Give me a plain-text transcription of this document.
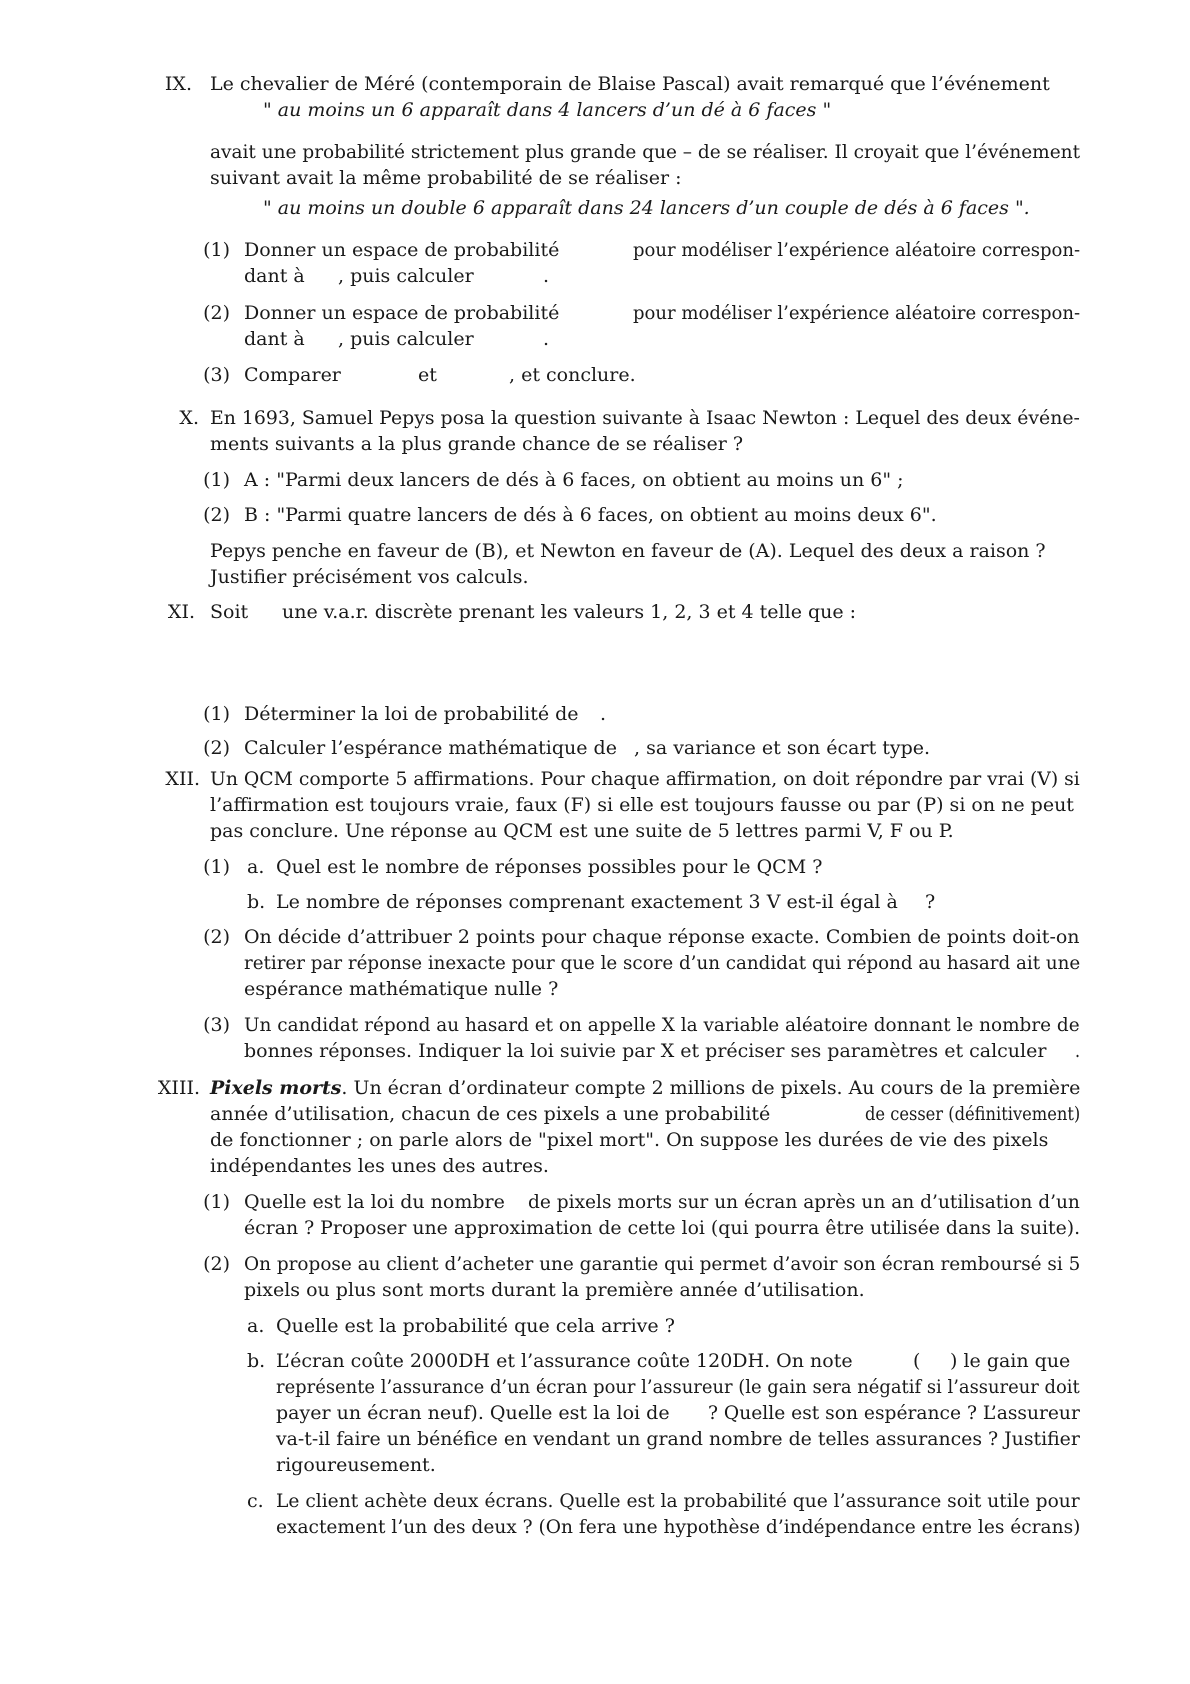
IX. Le chevalier de Méré (contemporain de Blaise Pascal) avait remarqué que l’événement
" au moins un 6 apparaît dans 4 lancers d’un dé à 6 faces "
avait une probabilité strictement plus grande que – de se réaliser. Il croyait que l’événement
suivant avait la même probabilité de se réaliser :
" au moins un double 6 apparaît dans 24 lancers d’un couple de dés à 6 faces ".
(1) Donner un espace de probabilité	pour modéliser l’expérience aléatoire correspon-
dant à , puis calculer	.
(2) Donner un espace de probabilité	pour modéliser l’expérience aléatoire correspon-
dant à , puis calculer	.
(3) Comparer	et	, et conclure.
X. En 1693, Samuel Pepys posa la question suivante à Isaac Newton : Lequel des deux événe-
ments suivants a la plus grande chance de se réaliser ?
(1) A : "Parmi deux lancers de dés à 6 faces, on obtient au moins un 6" ;
(2) B : "Parmi quatre lancers de dés à 6 faces, on obtient au moins deux 6".
Pepys penche en faveur de (B), et Newton en faveur de (A). Lequel des deux a raison ?
Justifier précisément vos calculs.
XI. Soit une v.a.r. discrète prenant les valeurs 1, 2, 3 et 4 telle que :
(1) Déterminer la loi de probabilité de .
(2) Calculer l’espérance mathématique de , sa variance et son écart type.
XII. Un QCM comporte 5 affirmations. Pour chaque affirmation, on doit répondre par vrai (V) si
l’affirmation est toujours vraie, faux (F) si elle est toujours fausse ou par (P) si on ne peut
pas conclure. Une réponse au QCM est une suite de 5 lettres parmi V, F ou P.
(1) a. Quel est le nombre de réponses possibles pour le QCM ?
b. Le nombre de réponses comprenant exactement 3 V est-il égal à ?
(2) On décide d’attribuer 2 points pour chaque réponse exacte. Combien de points doit-on
retirer par réponse inexacte pour que le score d’un candidat qui répond au hasard ait une
espérance mathématique nulle ?
(3) Un candidat répond au hasard et on appelle X la variable aléatoire donnant le nombre de
bonnes réponses. Indiquer la loi suivie par X et préciser ses paramètres et calculer .
XIII. Pixels morts. Un écran d’ordinateur compte 2 millions de pixels. Au cours de la première
année d’utilisation, chacun de ces pixels a une probabilité	de cesser (définitivement)
de fonctionner ; on parle alors de "pixel mort". On suppose les durées de vie des pixels
indépendantes les unes des autres.
(1) Quelle est la loi du nombre de pixels morts sur un écran après un an d’utilisation d’un
écran ? Proposer une approximation de cette loi (qui pourra être utilisée dans la suite).
(2) On propose au client d’acheter une garantie qui permet d’avoir son écran remboursé si 5
pixels ou plus sont morts durant la première année d’utilisation.
a. Quelle est la probabilité que cela arrive ?
b. L’écran coûte 2000DH et l’assurance coûte 120DH. On note	( ) le gain que
représente l’assurance d’un écran pour l’assureur (le gain sera négatif si l’assureur doit
payer un écran neuf). Quelle est la loi de ? Quelle est son espérance ? L’assureur
va-t-il faire un bénéfice en vendant un grand nombre de telles assurances ? Justifier
rigoureusement.
c. Le client achète deux écrans. Quelle est la probabilité que l’assurance soit utile pour
exactement l’un des deux ? (On fera une hypothèse d’indépendance entre les écrans)
